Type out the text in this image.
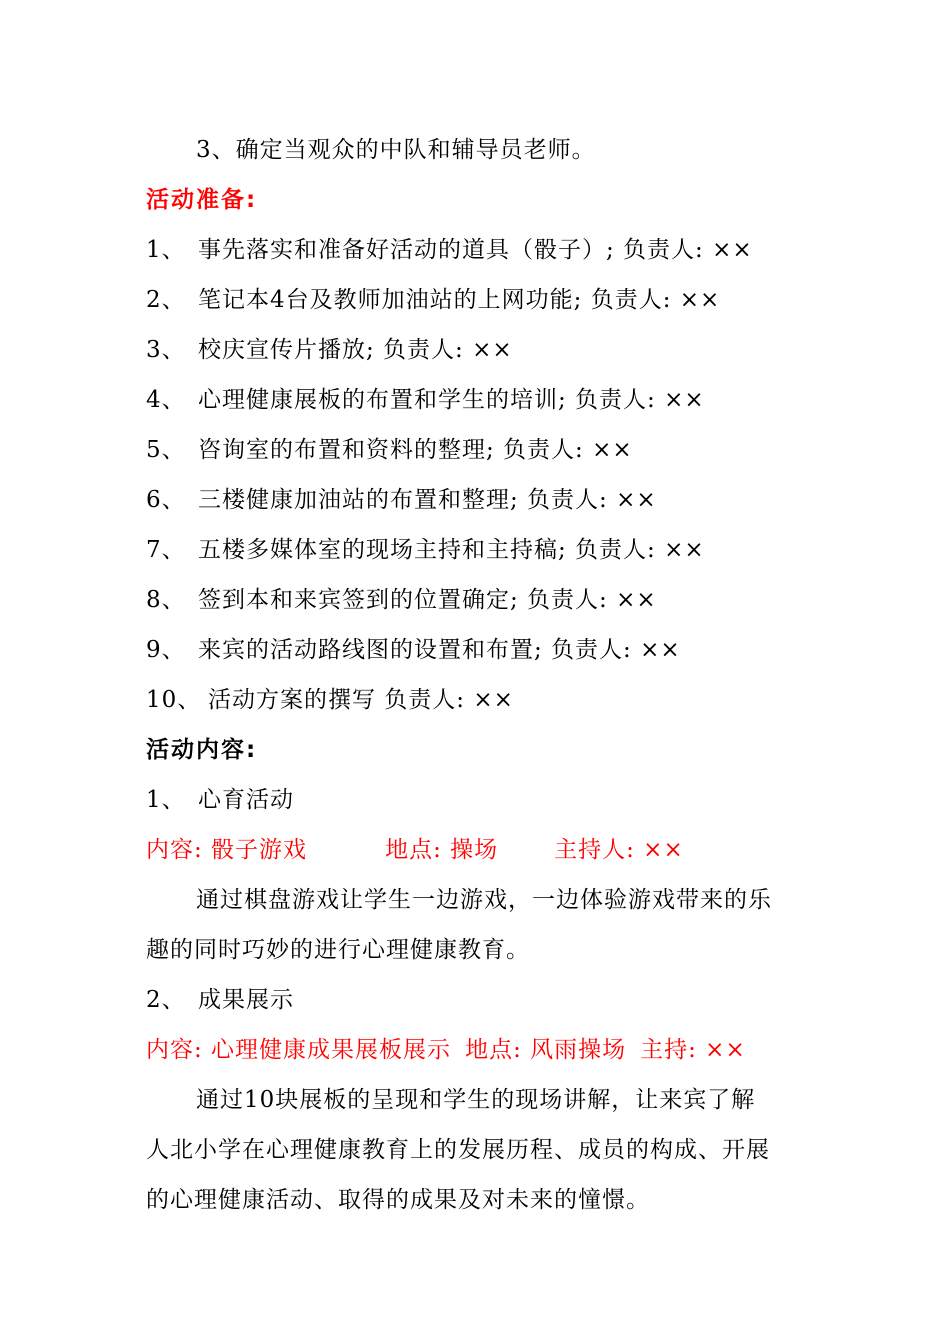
3、确定当观众的中队和辅导员老师。
活动准备:
1、 事先落实和准备好活动的道具（骰子）; 负责人: ××
2、 笔记本4台及教师加油站的上网功能; 负责人: ××
3、 校庆宣传片播放; 负责人: ××
4、 心理健康展板的布置和学生的培训; 负责人: ××
5、 咨询室的布置和资料的整理; 负责人: ××
6、 三楼健康加油站的布置和整理; 负责人: ××
7、 五楼多媒体室的现场主持和主持稿; 负责人: ××
8、 签到本和来宾签到的位置确定; 负责人: ××
9、 来宾的活动路线图的设置和布置; 负责人: ××
10、 活动方案的撰写 负责人: ××
活动内容:
1、 心育活动
内容: 骰子游戏	地点: 操场 主持人: ××
通过棋盘游戏让学生一边游戏，一边体验游戏带来的乐
趣的同时巧妙的进行心理健康教育。
2、 成果展示
内容: 心理健康成果展板展示 地点: 风雨操场 主持: ××
通过10块展板的呈现和学生的现场讲解，让来宾了解
人北小学在心理健康教育上的发展历程、成员的构成、开展
的心理健康活动、取得的成果及对未来的憧憬。
